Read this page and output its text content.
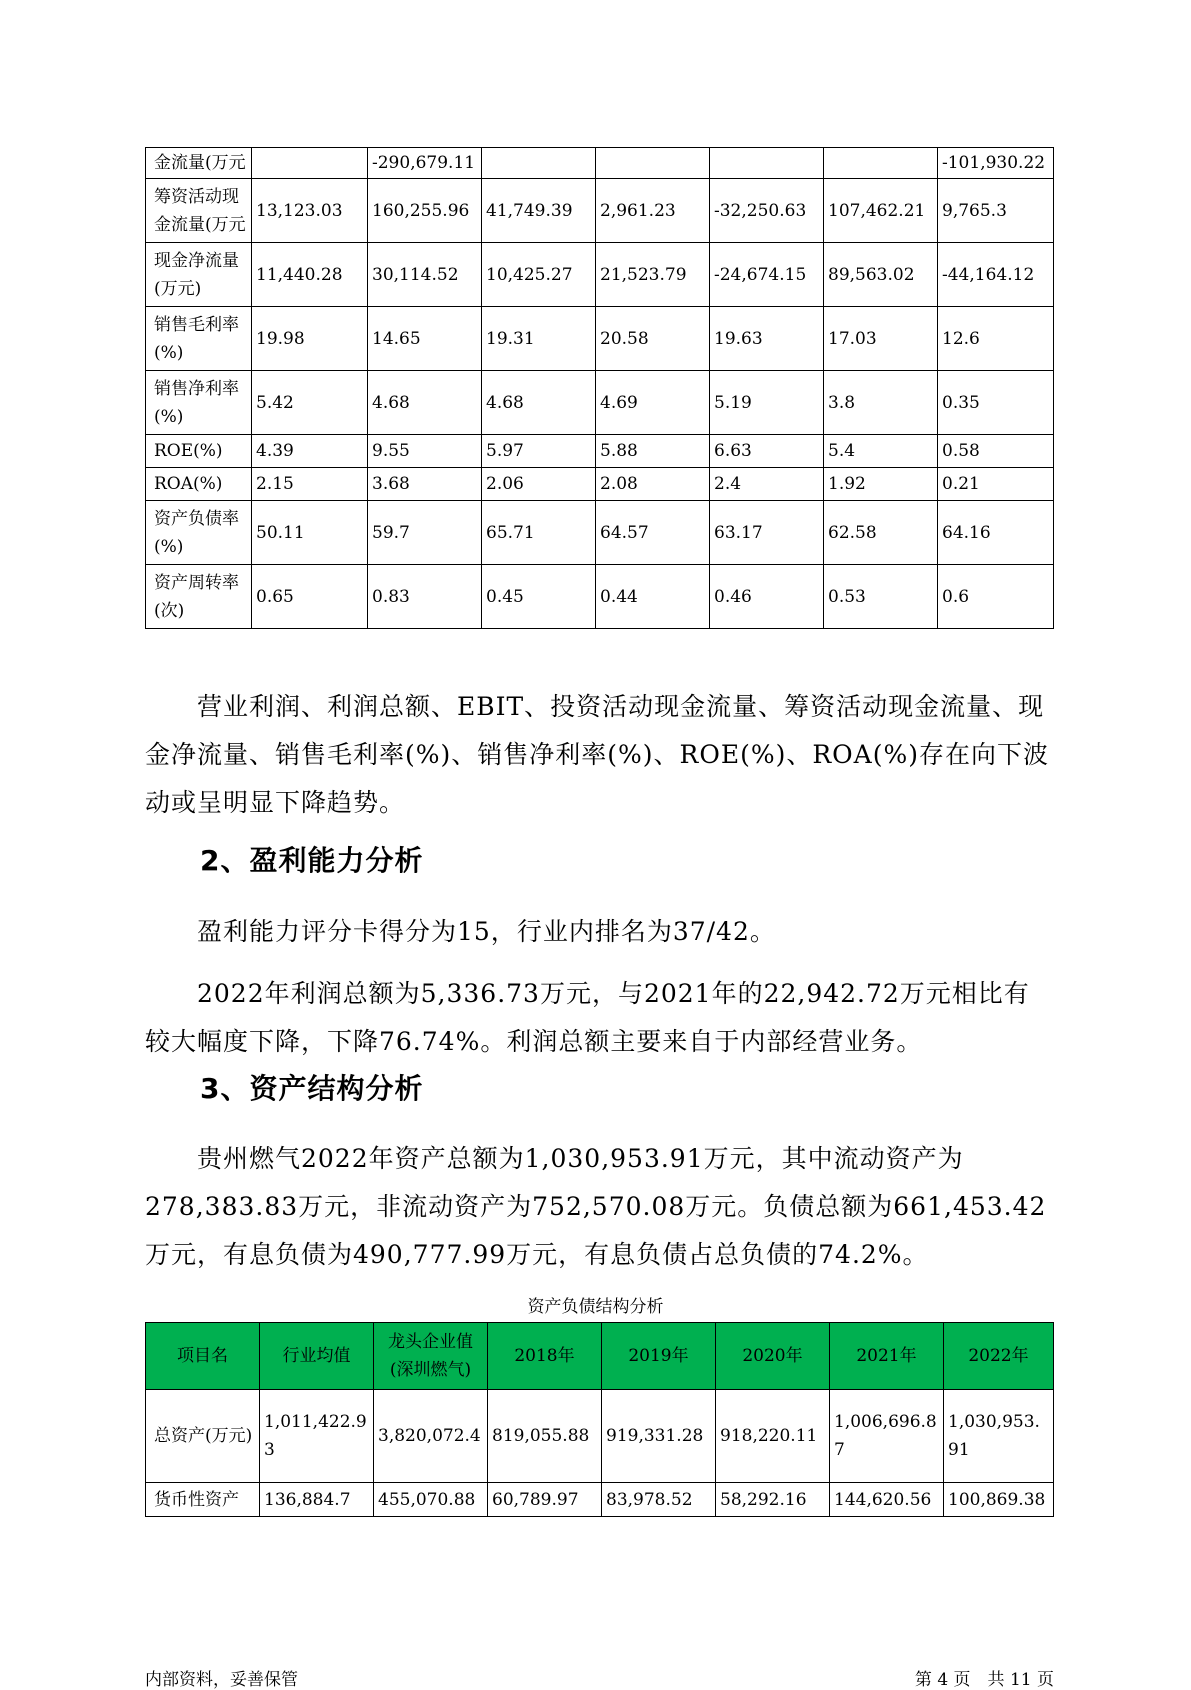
金流量(万元		-290,679.11					-101,930.22
筹资活动现金流量(万元	13,123.03	160,255.96	41,749.39	2,961.23	-32,250.63	107,462.21	9,765.3
现金净流量(万元)	11,440.28	30,114.52	10,425.27	21,523.79	-24,674.15	89,563.02	-44,164.12
销售毛利率(%)	19.98	14.65	19.31	20.58	19.63	17.03	12.6
销售净利率(%)	5.42	4.68	4.68	4.69	5.19	3.8	0.35
ROE(%)	4.39	9.55	5.97	5.88	6.63	5.4	0.58
ROA(%)	2.15	3.68	2.06	2.08	2.4	1.92	0.21
资产负债率(%)	50.11	59.7	65.71	64.57	63.17	62.58	64.16
资产周转率(次)	0.65	0.83	0.45	0.44	0.46	0.53	0.6

营业利润、利润总额、EBIT、投资活动现金流量、筹资活动现金流量、现金净流量、销售毛利率(%)、销售净利率(%)、ROE(%)、ROA(%)存在向下波动或呈明显下降趋势。

2、盈利能力分析

盈利能力评分卡得分为15，行业内排名为37/42。

2022年利润总额为5,336.73万元，与2021年的22,942.72万元相比有较大幅度下降，下降76.74%。利润总额主要来自于内部经营业务。

3、资产结构分析

贵州燃气2022年资产总额为1,030,953.91万元，其中流动资产为278,383.83万元，非流动资产为752,570.08万元。负债总额为661,453.42万元，有息负债为490,777.99万元，有息负债占总负债的74.2%。

资产负债结构分析
项目名	行业均值	龙头企业值(深圳燃气)	2018年	2019年	2020年	2021年	2022年
总资产(万元)	1,011,422.93	3,820,072.4	819,055.88	919,331.28	918,220.11	1,006,696.87	1,030,953.91
货币性资产	136,884.7	455,070.88	60,789.97	83,978.52	58,292.16	144,620.56	100,869.38
内部资料，妥善保管	第 4 页　共 11 页
